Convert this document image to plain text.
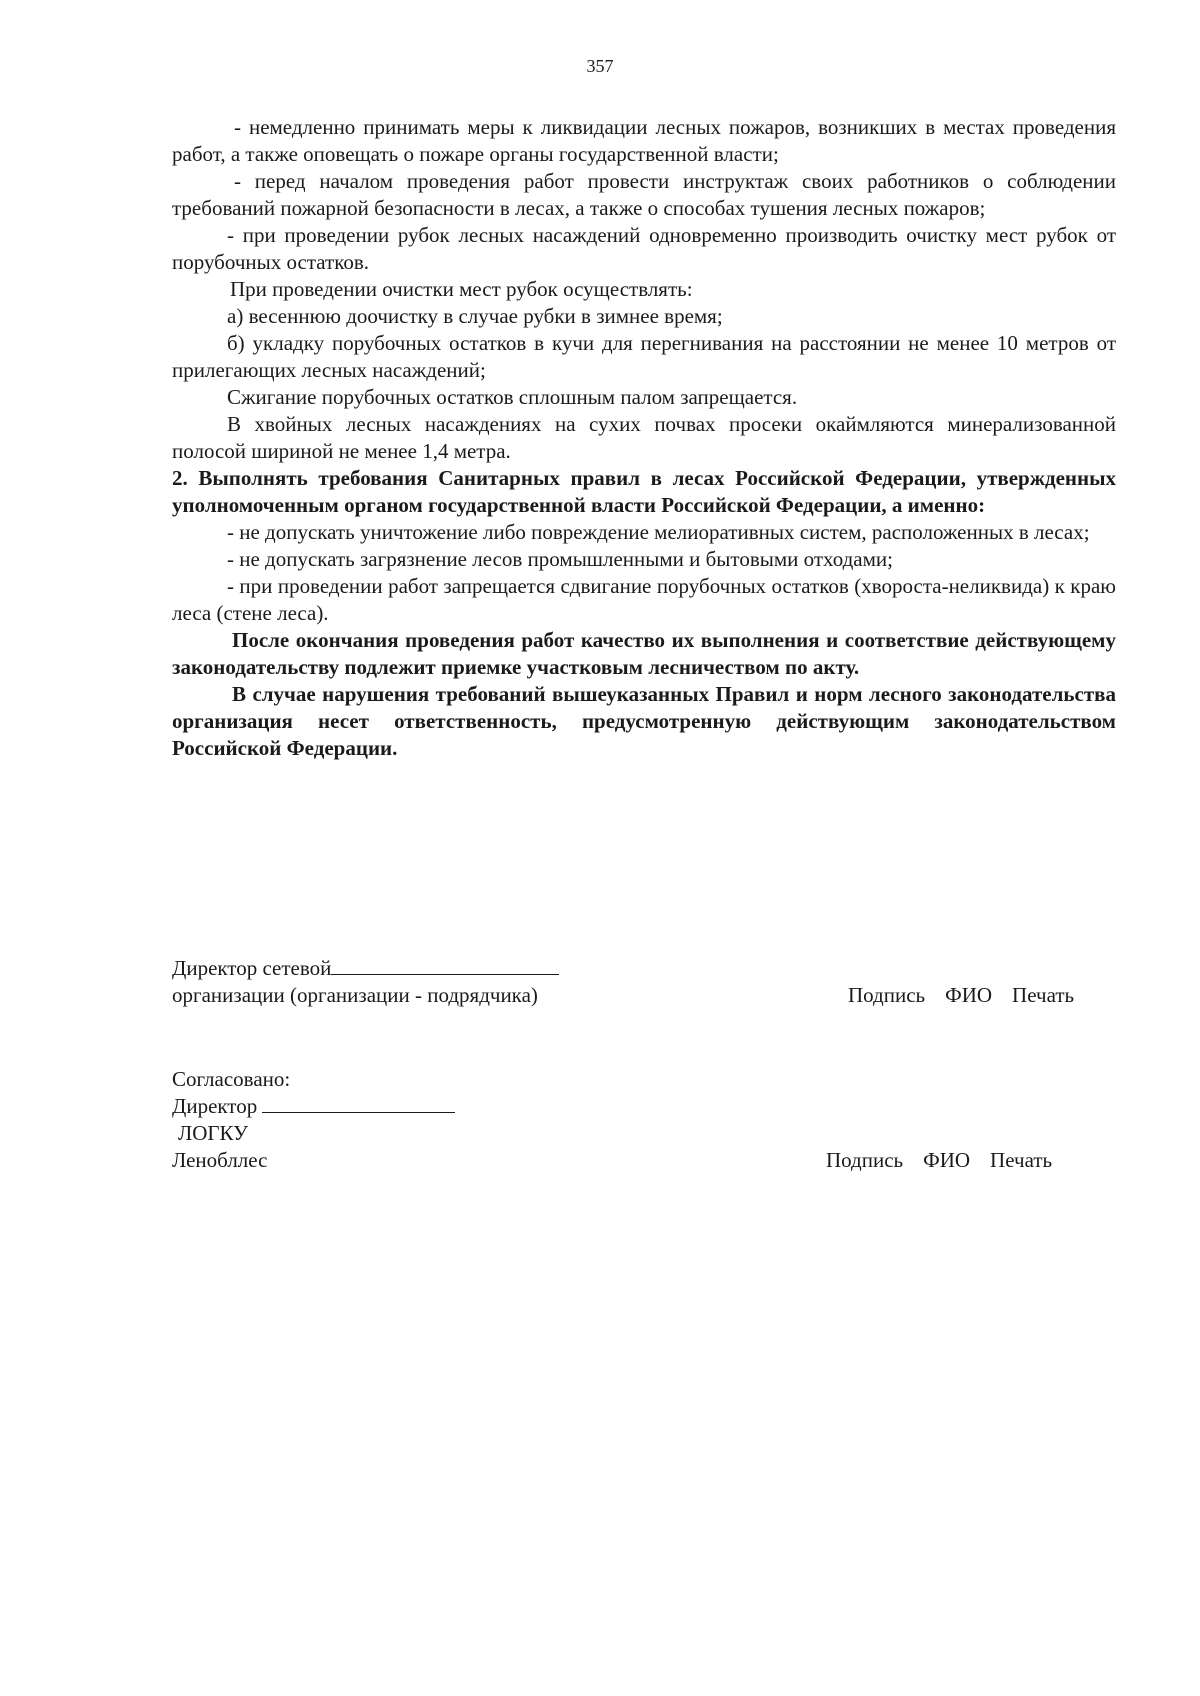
357

- немедленно принимать меры к ликвидации лесных пожаров, возникших в местах проведения работ, а также оповещать о пожаре органы государственной власти;

- перед началом проведения работ провести инструктаж своих работников о соблюдении требований пожарной безопасности в лесах, а также о способах тушения лесных пожаров;

- при проведении рубок лесных насаждений одновременно производить очистку мест рубок от порубочных остатков.

При проведении очистки мест рубок осуществлять:

а) весеннюю доочистку в случае рубки в зимнее время;

б) укладку порубочных остатков в кучи для перегнивания на расстоянии не менее 10 метров от прилегающих лесных насаждений;

Сжигание порубочных остатков сплошным палом запрещается.

В хвойных лесных насаждениях на сухих почвах просеки окаймляются минерализованной полосой шириной не менее 1,4 метра.

2. Выполнять требования Санитарных правил в лесах Российской Федерации, утвержденных уполномоченным органом государственной власти Российской Федерации, а именно:

- не допускать уничтожение либо повреждение мелиоративных систем, расположенных в лесах;

- не допускать загрязнение лесов промышленными и бытовыми отходами;

- при проведении работ запрещается сдвигание порубочных остатков (хвороста-неликвида) к краю леса (стене леса).

После окончания проведения работ качество их выполнения и соответствие действующему законодательству подлежит приемке участковым лесничеством по акту.

В случае нарушения требований вышеуказанных Правил и норм лесного законодательства организация несет ответственность, предусмотренную действующим законодательством Российской Федерации.

Директор сетевой
организации (организации - подрядчика)	Подпись ФИО Печать
Согласовано:
Директор
ЛОГКУ
Ленобллес	Подпись ФИО Печать
